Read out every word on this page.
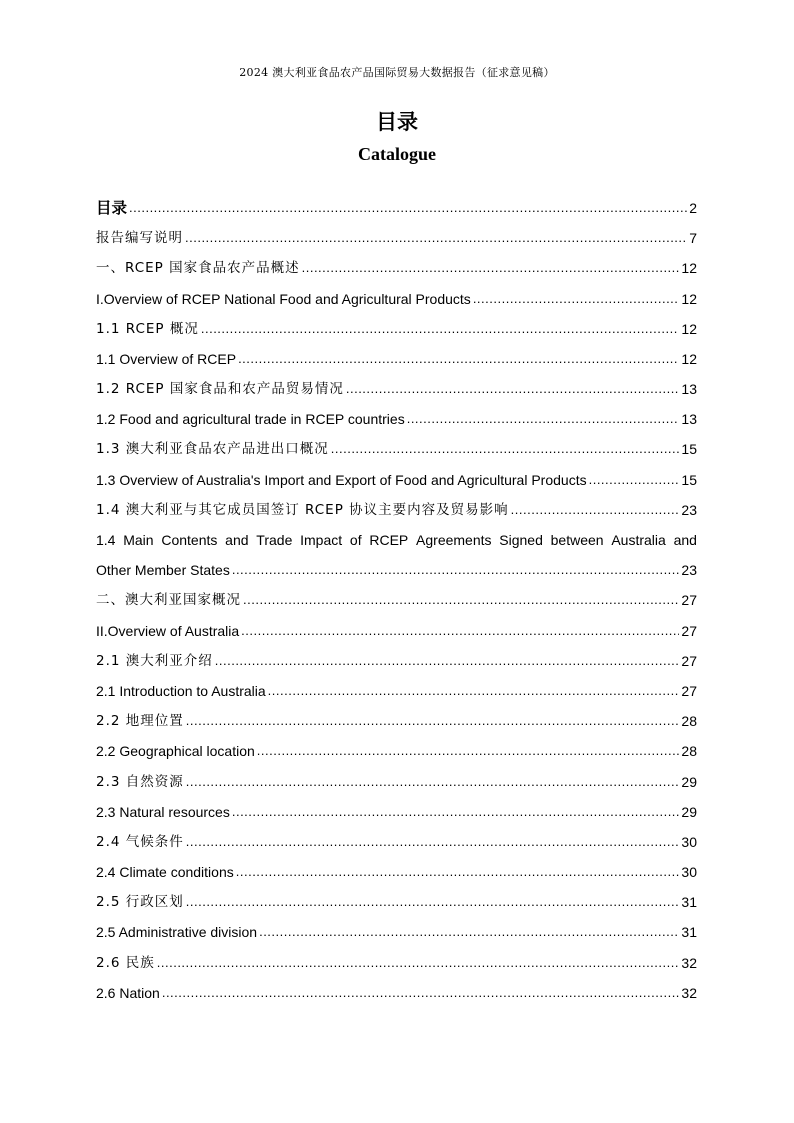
2024 澳大利亚食品农产品国际贸易大数据报告（征求意见稿）
目录
Catalogue
目录 .....	2
报告编写说明 .....	7
一、RCEP 国家食品农产品概述 .....	12
I.Overview of RCEP National Food and Agricultural Products .....	12
1.1 RCEP 概况 .....	12
1.1 Overview of RCEP .....	12
1.2 RCEP 国家食品和农产品贸易情况 .....	13
1.2 Food and agricultural trade in RCEP countries .....	13
1.3 澳大利亚食品农产品进出口概况 .....	15
1.3 Overview of Australia's Import and Export of Food and Agricultural Products .....	15
1.4 澳大利亚与其它成员国签订 RCEP 协议主要内容及贸易影响 .....	23
1.4 Main Contents and Trade Impact of RCEP Agreements Signed between Australia and
Other Member States .....	23
二、澳大利亚国家概况 .....	27
II.Overview of Australia .....	27
2.1 澳大利亚介绍 .....	27
2.1 Introduction to Australia .....	27
2.2 地理位置 .....	28
2.2 Geographical location .....	28
2.3 自然资源 .....	29
2.3 Natural resources .....	29
2.4 气候条件 .....	30
2.4 Climate conditions .....	30
2.5 行政区划 .....	31
2.5 Administrative division .....	31
2.6 民族 .....	32
2.6 Nation .....	32
